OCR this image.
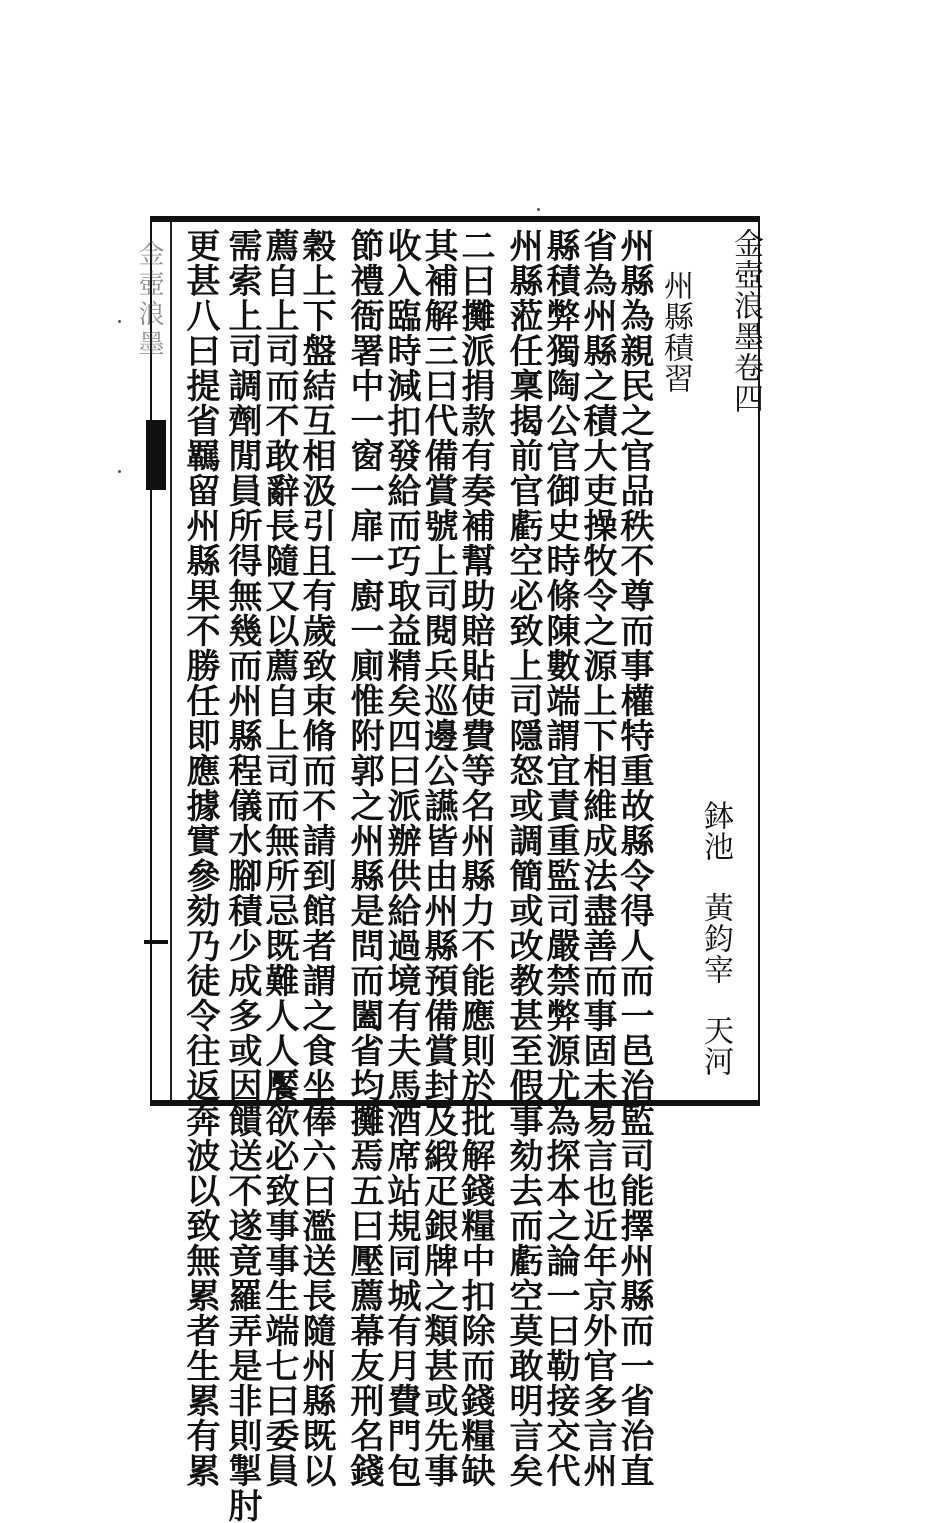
金壺浪墨	金壺浪墨卷四
州縣積習
鉢池黃鈞宰天河
州縣為親民之官品秩不尊而事權特重故縣令得人而一邑治監司能擇州縣而一省治直
省為州縣之積大吏操牧令之源上下相維成法盡善而事固未易言也近年京外官多言州
縣積弊獨陶公官御史時條陳數端謂宜責重監司嚴禁弊源尤為探本之論一曰勒接交代
州縣蒞任稟揭前官虧空必致上司隱怒或調簡或改教甚至假事劾去而虧空莫敢明言矣
二曰攤派捐款有奏補幫助賠貼使費等名州縣力不能應則於批解錢糧中扣除而錢糧缺
其補解三曰代備賞號上司閱兵巡邊公讌皆由州縣預備賞封及緞疋銀牌之類甚或先事
收入臨時減扣發給而巧取益精矣四曰派辦供給過境有夫馬酒席站規同城有月費門包
節禮衙署中一窗一扉一廚一廁惟附郭之州縣是問而闔省均攤焉五曰壓薦幕友刑名錢
穀上下盤結互相汲引且有歲致束脩而不請到館者謂之食坐俸六曰濫送長隨州縣既以
薦自上司而不敢辭長隨又以薦自上司而無所忌既難人人饜欲必致事事生端七曰委員
需索上司調劑閒員所得無幾而州縣程儀水腳積少成多或因饋送不遂竟羅弄是非則掣肘
更甚八曰提省羈留州縣果不勝任即應據實參劾乃徒令往返奔波以致無累者生累有累
